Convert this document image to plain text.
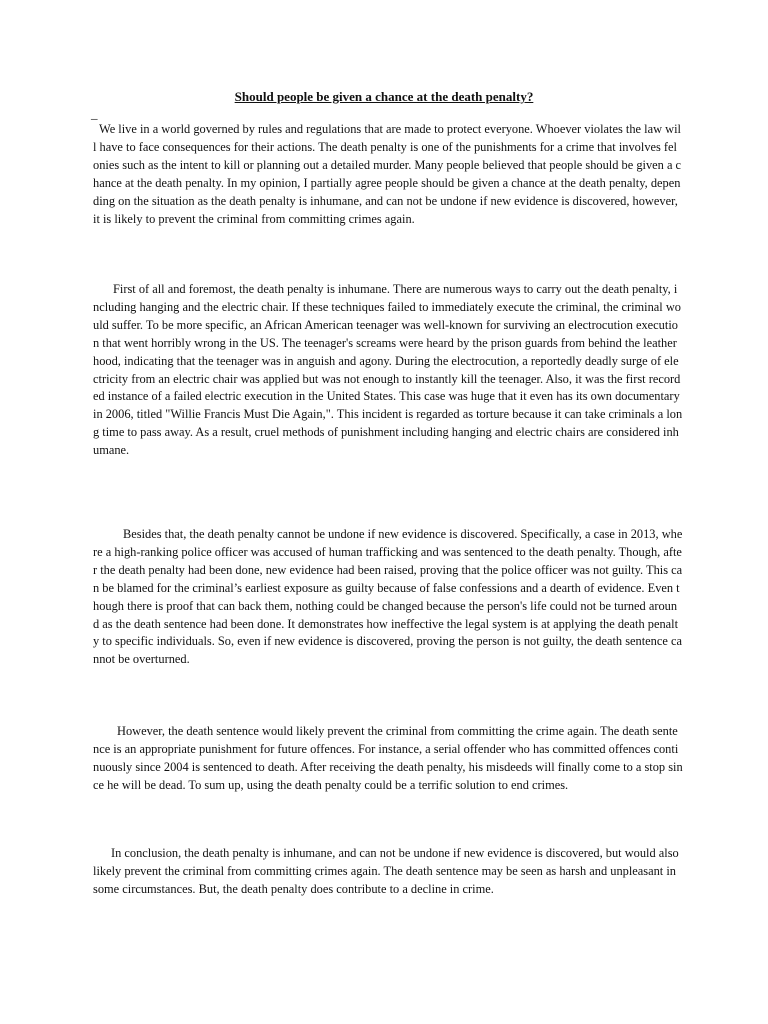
Should people be given a chance at the death penalty?
_

We live in a world governed by rules and regulations that are made to protect everyone. Whoever violates the law will have to face consequences for their actions. The death penalty is one of the punishments for a crime that involves felonies such as the intent to kill or planning out a detailed murder. Many people believed that people should be given a chance at the death penalty. In my opinion, I partially agree people should be given a chance at the death penalty, depending on the situation as the death penalty is inhumane, and can not be undone if new evidence is discovered, however, it is likely to prevent the criminal from committing crimes again.

First of all and foremost, the death penalty is inhumane. There are numerous ways to carry out the death penalty, including hanging and the electric chair. If these techniques failed to immediately execute the criminal, the criminal would suffer. To be more specific, an African American teenager was well-known for surviving an electrocution execution that went horribly wrong in the US. The teenager's screams were heard by the prison guards from behind the leather hood, indicating that the teenager was in anguish and agony. During the electrocution, a reportedly deadly surge of electricity from an electric chair was applied but was not enough to instantly kill the teenager. Also, it was the first recorded instance of a failed electric execution in the United States. This case was huge that it even has its own documentary in 2006, titled "Willie Francis Must Die Again,". This incident is regarded as torture because it can take criminals a long time to pass away. As a result, cruel methods of punishment including hanging and electric chairs are considered inhumane.

Besides that, the death penalty cannot be undone if new evidence is discovered. Specifically, a case in 2013, where a high-ranking police officer was accused of human trafficking and was sentenced to the death penalty. Though, after the death penalty had been done, new evidence had been raised, proving that the police officer was not guilty. This can be blamed for the criminal’s earliest exposure as guilty because of false confessions and a dearth of evidence. Even though there is proof that can back them, nothing could be changed because the person's life could not be turned around as the death sentence had been done. It demonstrates how ineffective the legal system is at applying the death penalty to specific individuals. So, even if new evidence is discovered, proving the person is not guilty, the death sentence cannot be overturned.

However, the death sentence would likely prevent the criminal from committing the crime again. The death sentence is an appropriate punishment for future offences. For instance, a serial offender who has committed offences continuously since 2004 is sentenced to death. After receiving the death penalty, his misdeeds will finally come to a stop since he will be dead. To sum up, using the death penalty could be a terrific solution to end crimes.

In conclusion, the death penalty is inhumane, and can not be undone if new evidence is discovered, but would also likely prevent the criminal from committing crimes again. The death sentence may be seen as harsh and unpleasant in some circumstances. But, the death penalty does contribute to a decline in crime.
